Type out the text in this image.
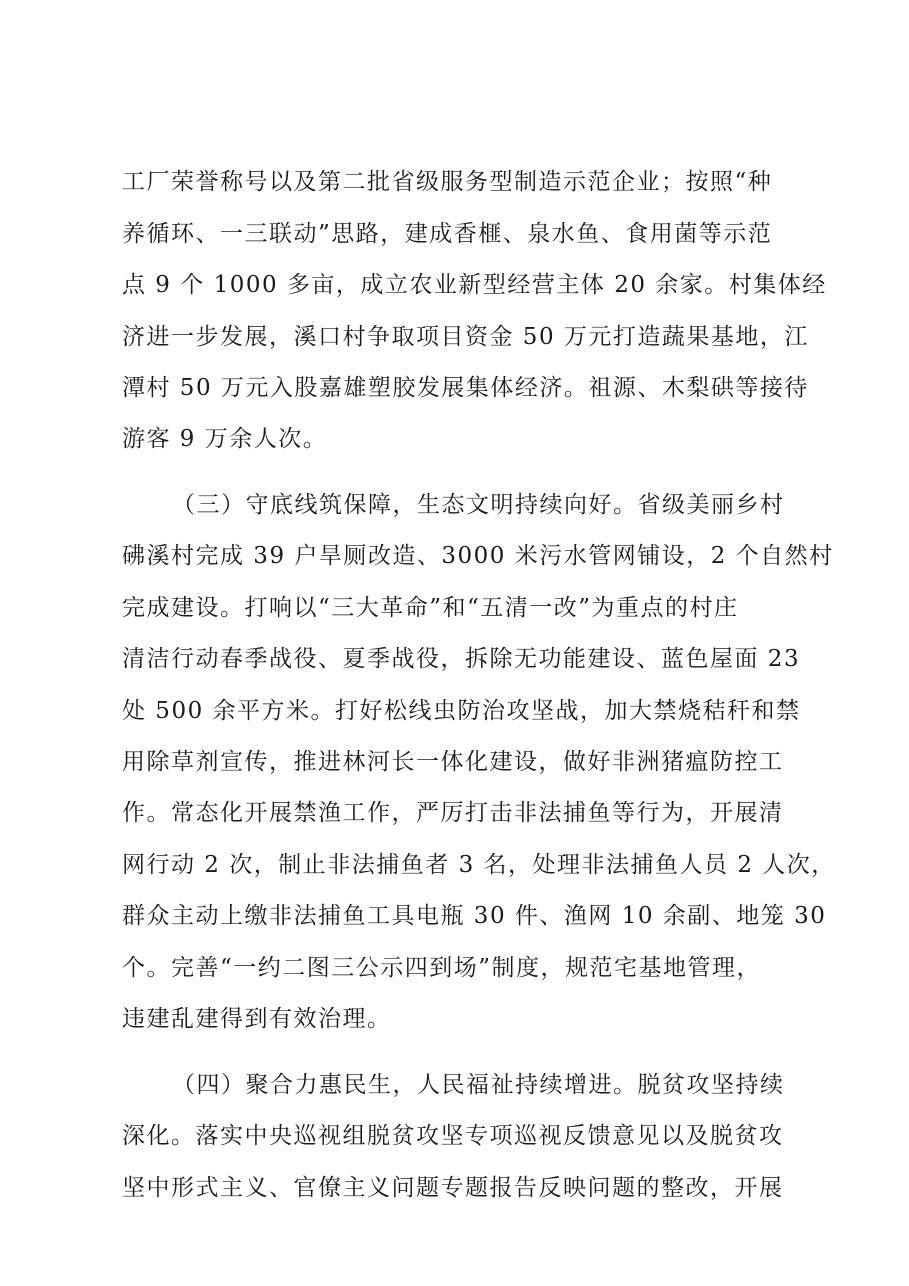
工厂荣誉称号以及第二批省级服务型制造示范企业；按照“种
养循环、一三联动”思路，建成香榧、泉水鱼、食用菌等示范
点 9 个 1000 多亩，成立农业新型经营主体 20 余家。村集体经
济进一步发展，溪口村争取项目资金 50 万元打造蔬果基地，江
潭村 50 万元入股嘉雄塑胶发展集体经济。祖源、木梨硔等接待
游客 9 万余人次。
（三）守底线筑保障，生态文明持续向好。省级美丽乡村
砩溪村完成 39 户旱厕改造、3000 米污水管网铺设，2 个自然村
完成建设。打响以“三大革命”和“五清一改”为重点的村庄
清洁行动春季战役、夏季战役，拆除无功能建设、蓝色屋面 23
处 500 余平方米。打好松线虫防治攻坚战，加大禁烧秸秆和禁
用除草剂宣传，推进林河长一体化建设，做好非洲猪瘟防控工
作。常态化开展禁渔工作，严厉打击非法捕鱼等行为，开展清
网行动 2 次，制止非法捕鱼者 3 名，处理非法捕鱼人员 2 人次，
群众主动上缴非法捕鱼工具电瓶 30 件、渔网 10 余副、地笼 30
个。完善“一约二图三公示四到场”制度，规范宅基地管理，
违建乱建得到有效治理。
（四）聚合力惠民生，人民福祉持续增进。脱贫攻坚持续
深化。落实中央巡视组脱贫攻坚专项巡视反馈意见以及脱贫攻
坚中形式主义、官僚主义问题专题报告反映问题的整改，开展
